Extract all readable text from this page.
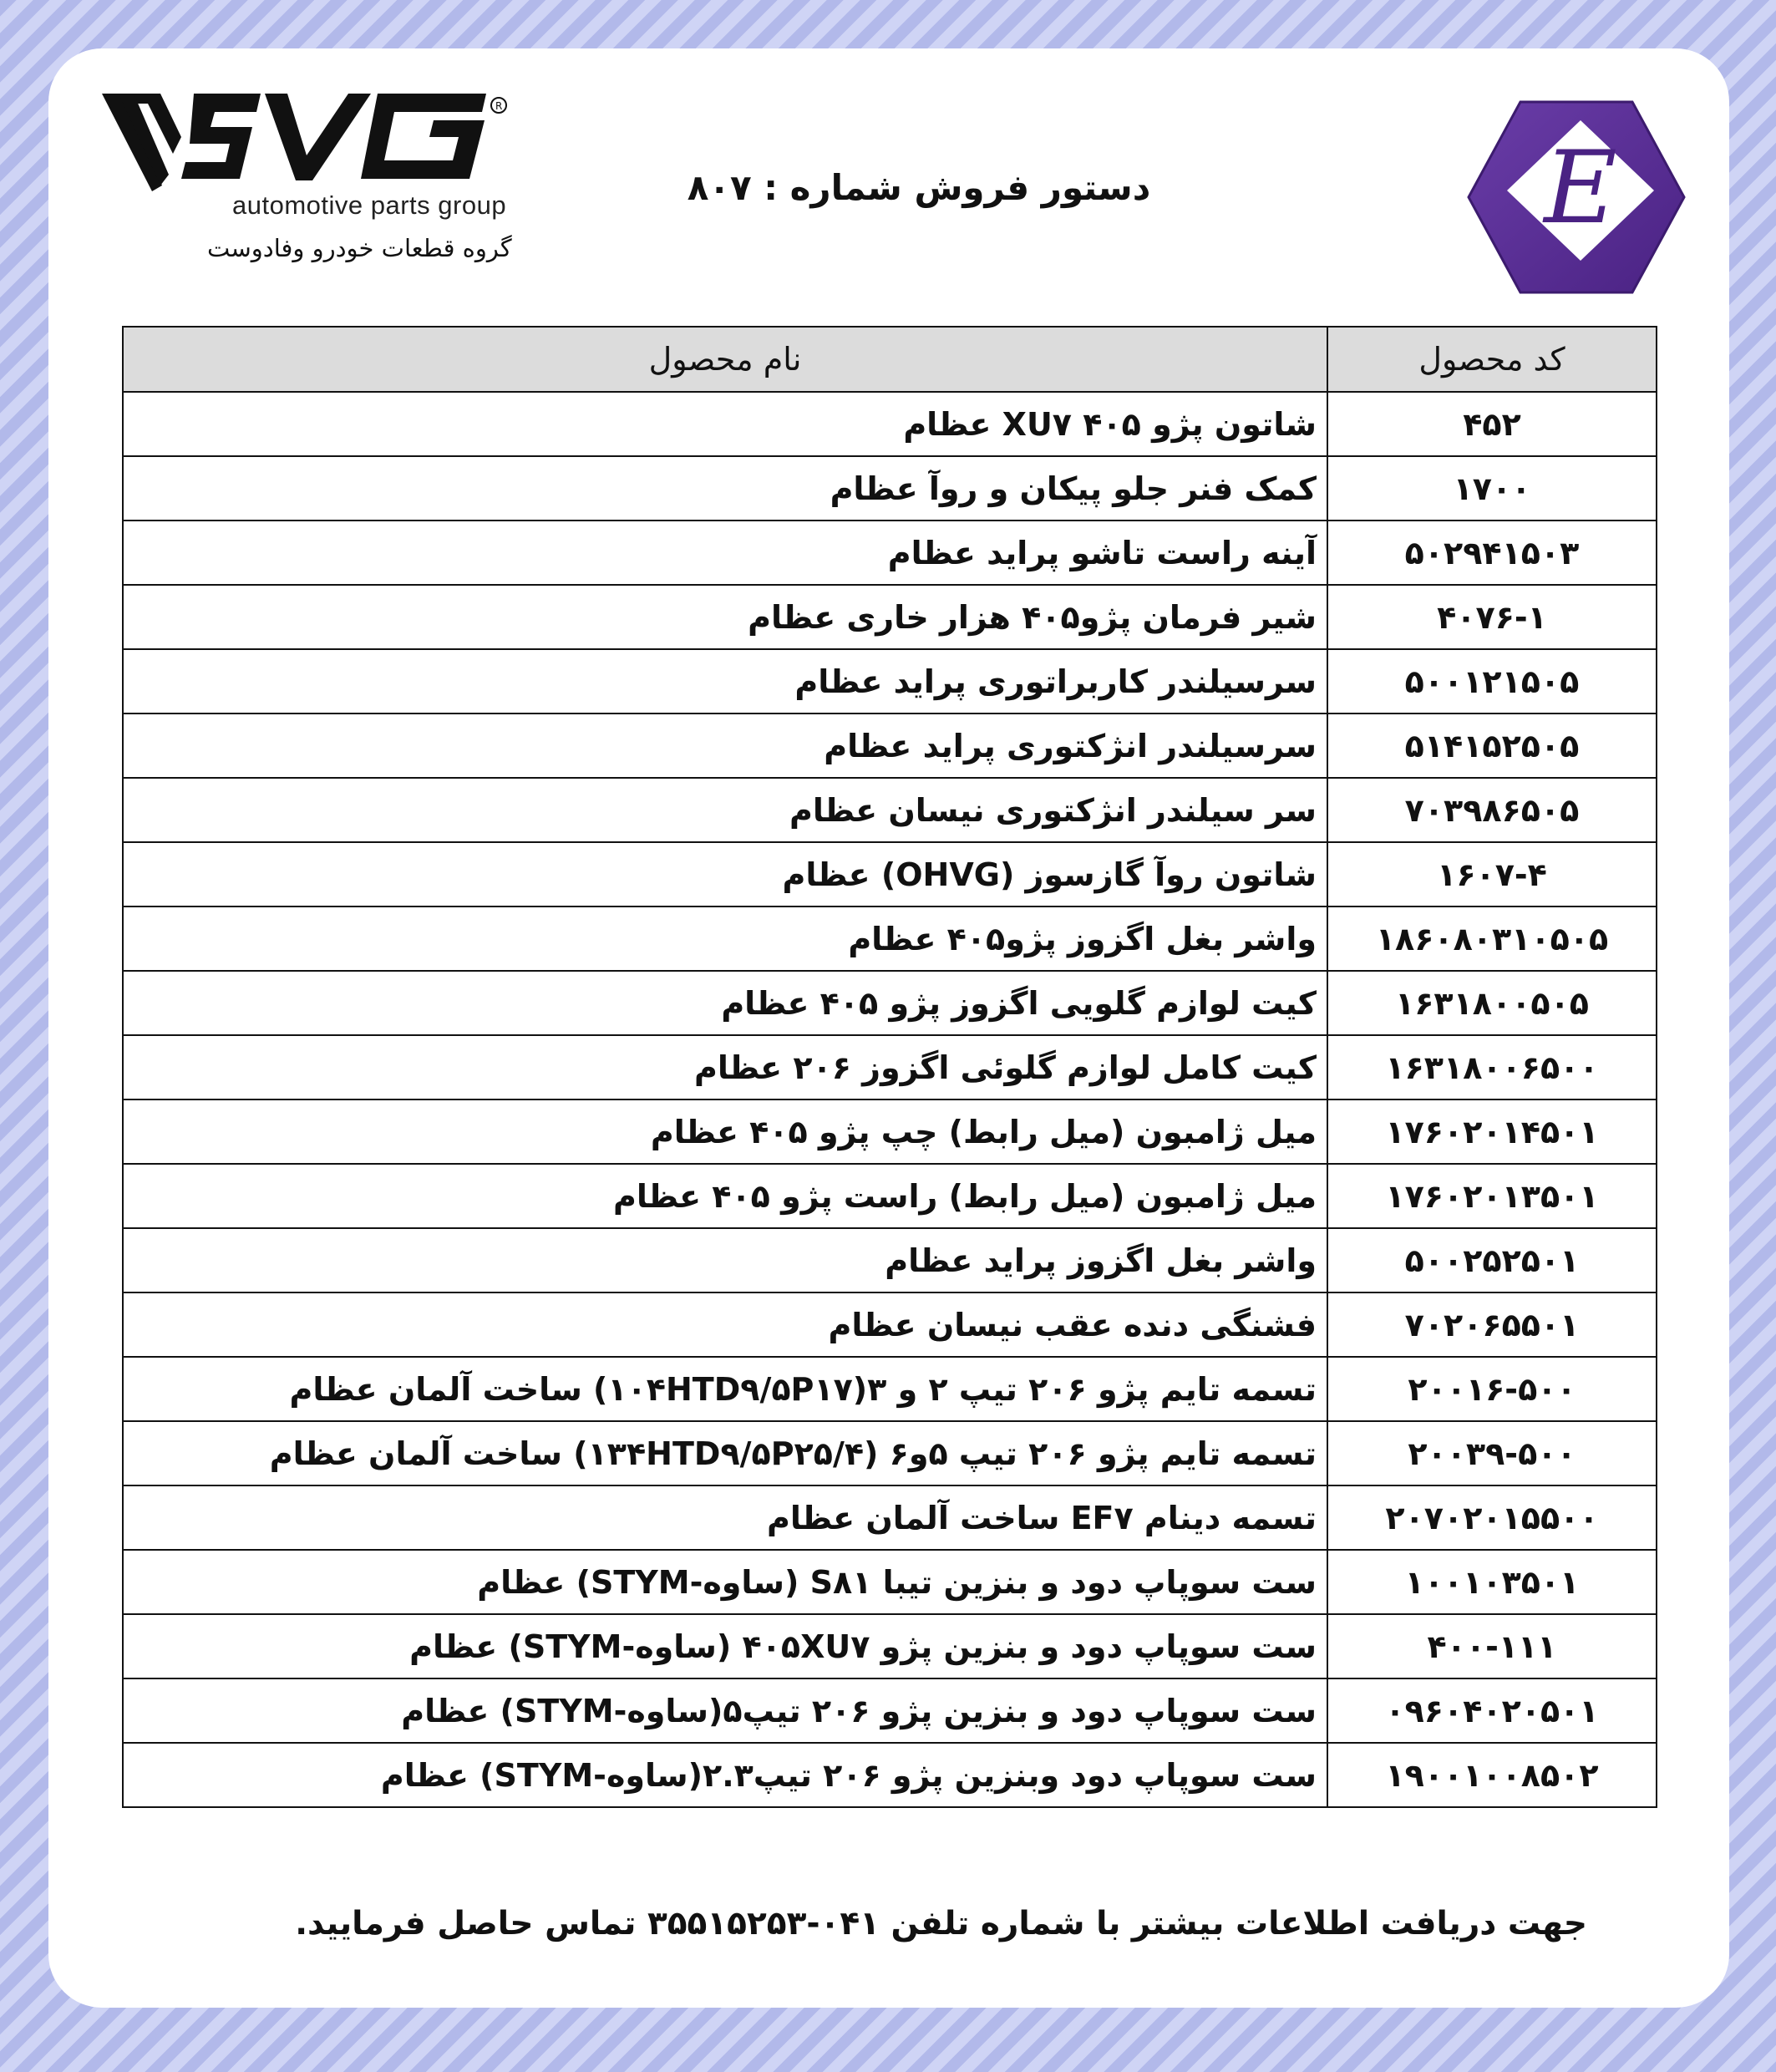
R
automotive parts group
گروه قطعات خودرو وفادوست
دستور فروش شماره : ۸۰۷	E
کد محصول	نام محصول
۴۵۲	شاتون پژو ۴۰۵ XU۷ عظام
۱۷۰۰	کمک فنر جلو پیکان و روآ عظام
۵۰۲۹۴۱۵۰۳	آینه راست تاشو پراید عظام
۴۰۷۶-۱	شیر فرمان پژو۴۰۵ هزار خاری عظام
۵۰۰۱۲۱۵۰۵	سرسیلندر کاربراتوری پراید عظام
۵۱۴۱۵۲۵۰۵	سرسیلندر انژکتوری پراید عظام
۷۰۳۹۸۶۵۰۵	سر سیلندر انژکتوری نیسان عظام
۱۶۰۷-۴	شاتون روآ گازسوز (OHVG) عظام
۱۸۶۰۸۰۳۱۰۵۰۵	واشر بغل اگزوز پژو۴۰۵ عظام
۱۶۳۱۸۰۰۵۰۵	کیت لوازم گلویی اگزوز پژو ۴۰۵ عظام
۱۶۳۱۸۰۰۶۵۰۰	کیت کامل لوازم گلوئی اگزوز ۲۰۶ عظام
۱۷۶۰۲۰۱۴۵۰۱	میل ژامبون (میل رابط) چپ پژو ۴۰۵ عظام
۱۷۶۰۲۰۱۳۵۰۱	میل ژامبون (میل رابط) راست پژو ۴۰۵ عظام
۵۰۰۲۵۲۵۰۱	واشر بغل اگزوز پراید عظام
۷۰۲۰۶۵۵۰۱	فشنگی دنده عقب نیسان عظام
۲۰۰۱۶-۵۰۰	تسمه تایم پژو ۲۰۶ تیپ ۲ و ۳(۱۰۴HTD۹/۵P۱۷) ساخت آلمان عظام
۲۰۰۳۹-۵۰۰	تسمه تایم پژو ۲۰۶ تیپ ۵و۶ (۱۳۴HTD۹/۵P۲۵/۴) ساخت آلمان عظام
۲۰۷۰۲۰۱۵۵۰۰	تسمه دینام EF۷ ساخت آلمان عظام
۱۰۰۱۰۳۵۰۱	ست سوپاپ دود و بنزین تیبا S۸۱ (ساوه-STYM) عظام
۴۰۰-۱۱۱	ست سوپاپ دود و بنزین پژو ۴۰۵XU۷ (ساوه-STYM) عظام
۰۹۶۰۴۰۲۰۵۰۱	ست سوپاپ دود و بنزین پژو ۲۰۶ تیپ۵(ساوه-STYM) عظام
۱۹۰۰۱۰۰۸۵۰۲	ست سوپاپ دود وبنزین پژو ۲۰۶ تیپ۲.۳(ساوه-STYM) عظام
جهت دریافت اطلاعات بیشتر با شماره تلفن ۰۴۱-۳۵۵۱۵۲۵۳ تماس حاصل فرمایید.
